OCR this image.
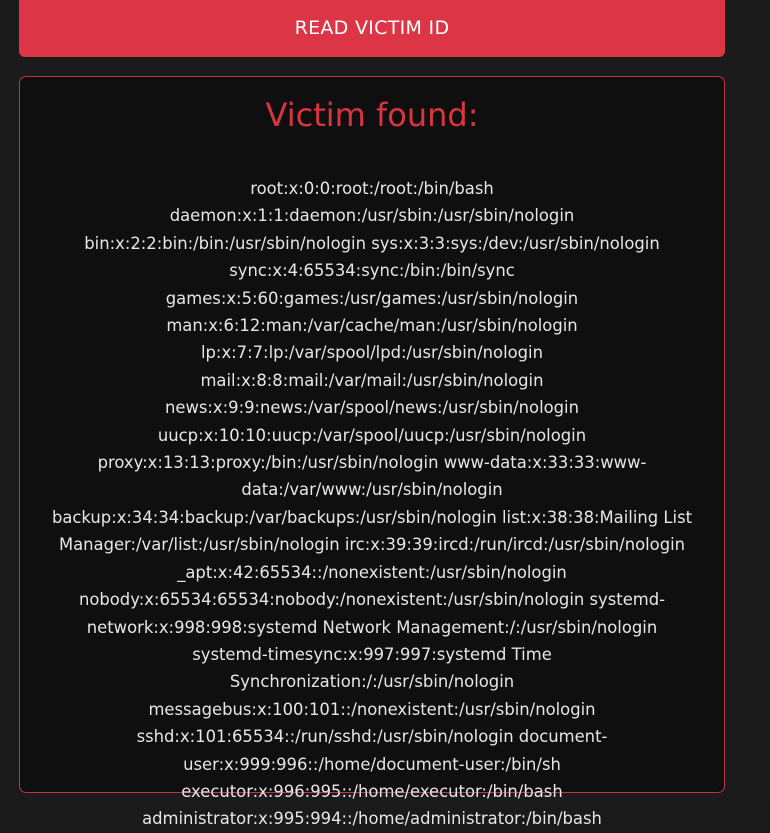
READ VICTIM ID
Victim found:

root:x:0:0:root:/root:/bin/bash daemon:x:1:1:daemon:/usr/sbin:/usr/sbin/nologin bin:x:2:2:bin:/bin:/usr/sbin/nologin sys:x:3:3:sys:/dev:/usr/sbin/nologin sync:x:4:65534:sync:/bin:/bin/sync games:x:5:60:games:/usr/games:/usr/sbin/nologin man:x:6:12:man:/var/cache/man:/usr/sbin/nologin lp:x:7:7:lp:/var/spool/lpd:/usr/sbin/nologin mail:x:8:8:mail:/var/mail:/usr/sbin/nologin news:x:9:9:news:/var/spool/news:/usr/sbin/nologin uucp:x:10:10:uucp:/var/spool/uucp:/usr/sbin/nologin proxy:x:13:13:proxy:/bin:/usr/sbin/nologin www-data:x:33:33:www-data:/var/www:/usr/sbin/nologin backup:x:34:34:backup:/var/backups:/usr/sbin/nologin list:x:38:38:Mailing List Manager:/var/list:/usr/sbin/nologin irc:x:39:39:ircd:/run/ircd:/usr/sbin/nologin _apt:x:42:65534::/nonexistent:/usr/sbin/nologin nobody:x:65534:65534:nobody:/nonexistent:/usr/sbin/nologin systemd-network:x:998:998:systemd Network Management:/:/usr/sbin/nologin systemd-timesync:x:997:997:systemd Time Synchronization:/:/usr/sbin/nologin messagebus:x:100:101::/nonexistent:/usr/sbin/nologin sshd:x:101:65534::/run/sshd:/usr/sbin/nologin document-user:x:999:996::/home/document-user:/bin/sh executor:x:996:995::/home/executor:/bin/bash administrator:x:995:994::/home/administrator:/bin/bash
